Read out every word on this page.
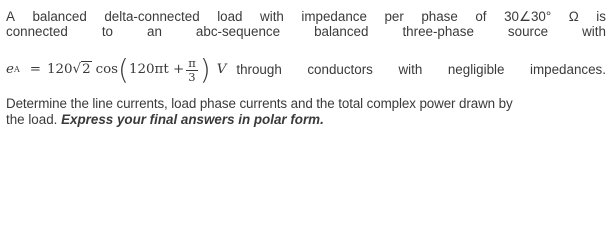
A balanced delta-connected load with impedance per phase of 30∠30° Ω is
connected	to	an	abc-sequence	balanced	three-phase	source	with
e A = 120 √2 cos ( $120\pi t + \frac{\pi}{3}$ ) V through conductors with negligible impedances.
Determine the line currents, load phase currents and the total complex power drawn by
the load. Express your final answers in polar form.
